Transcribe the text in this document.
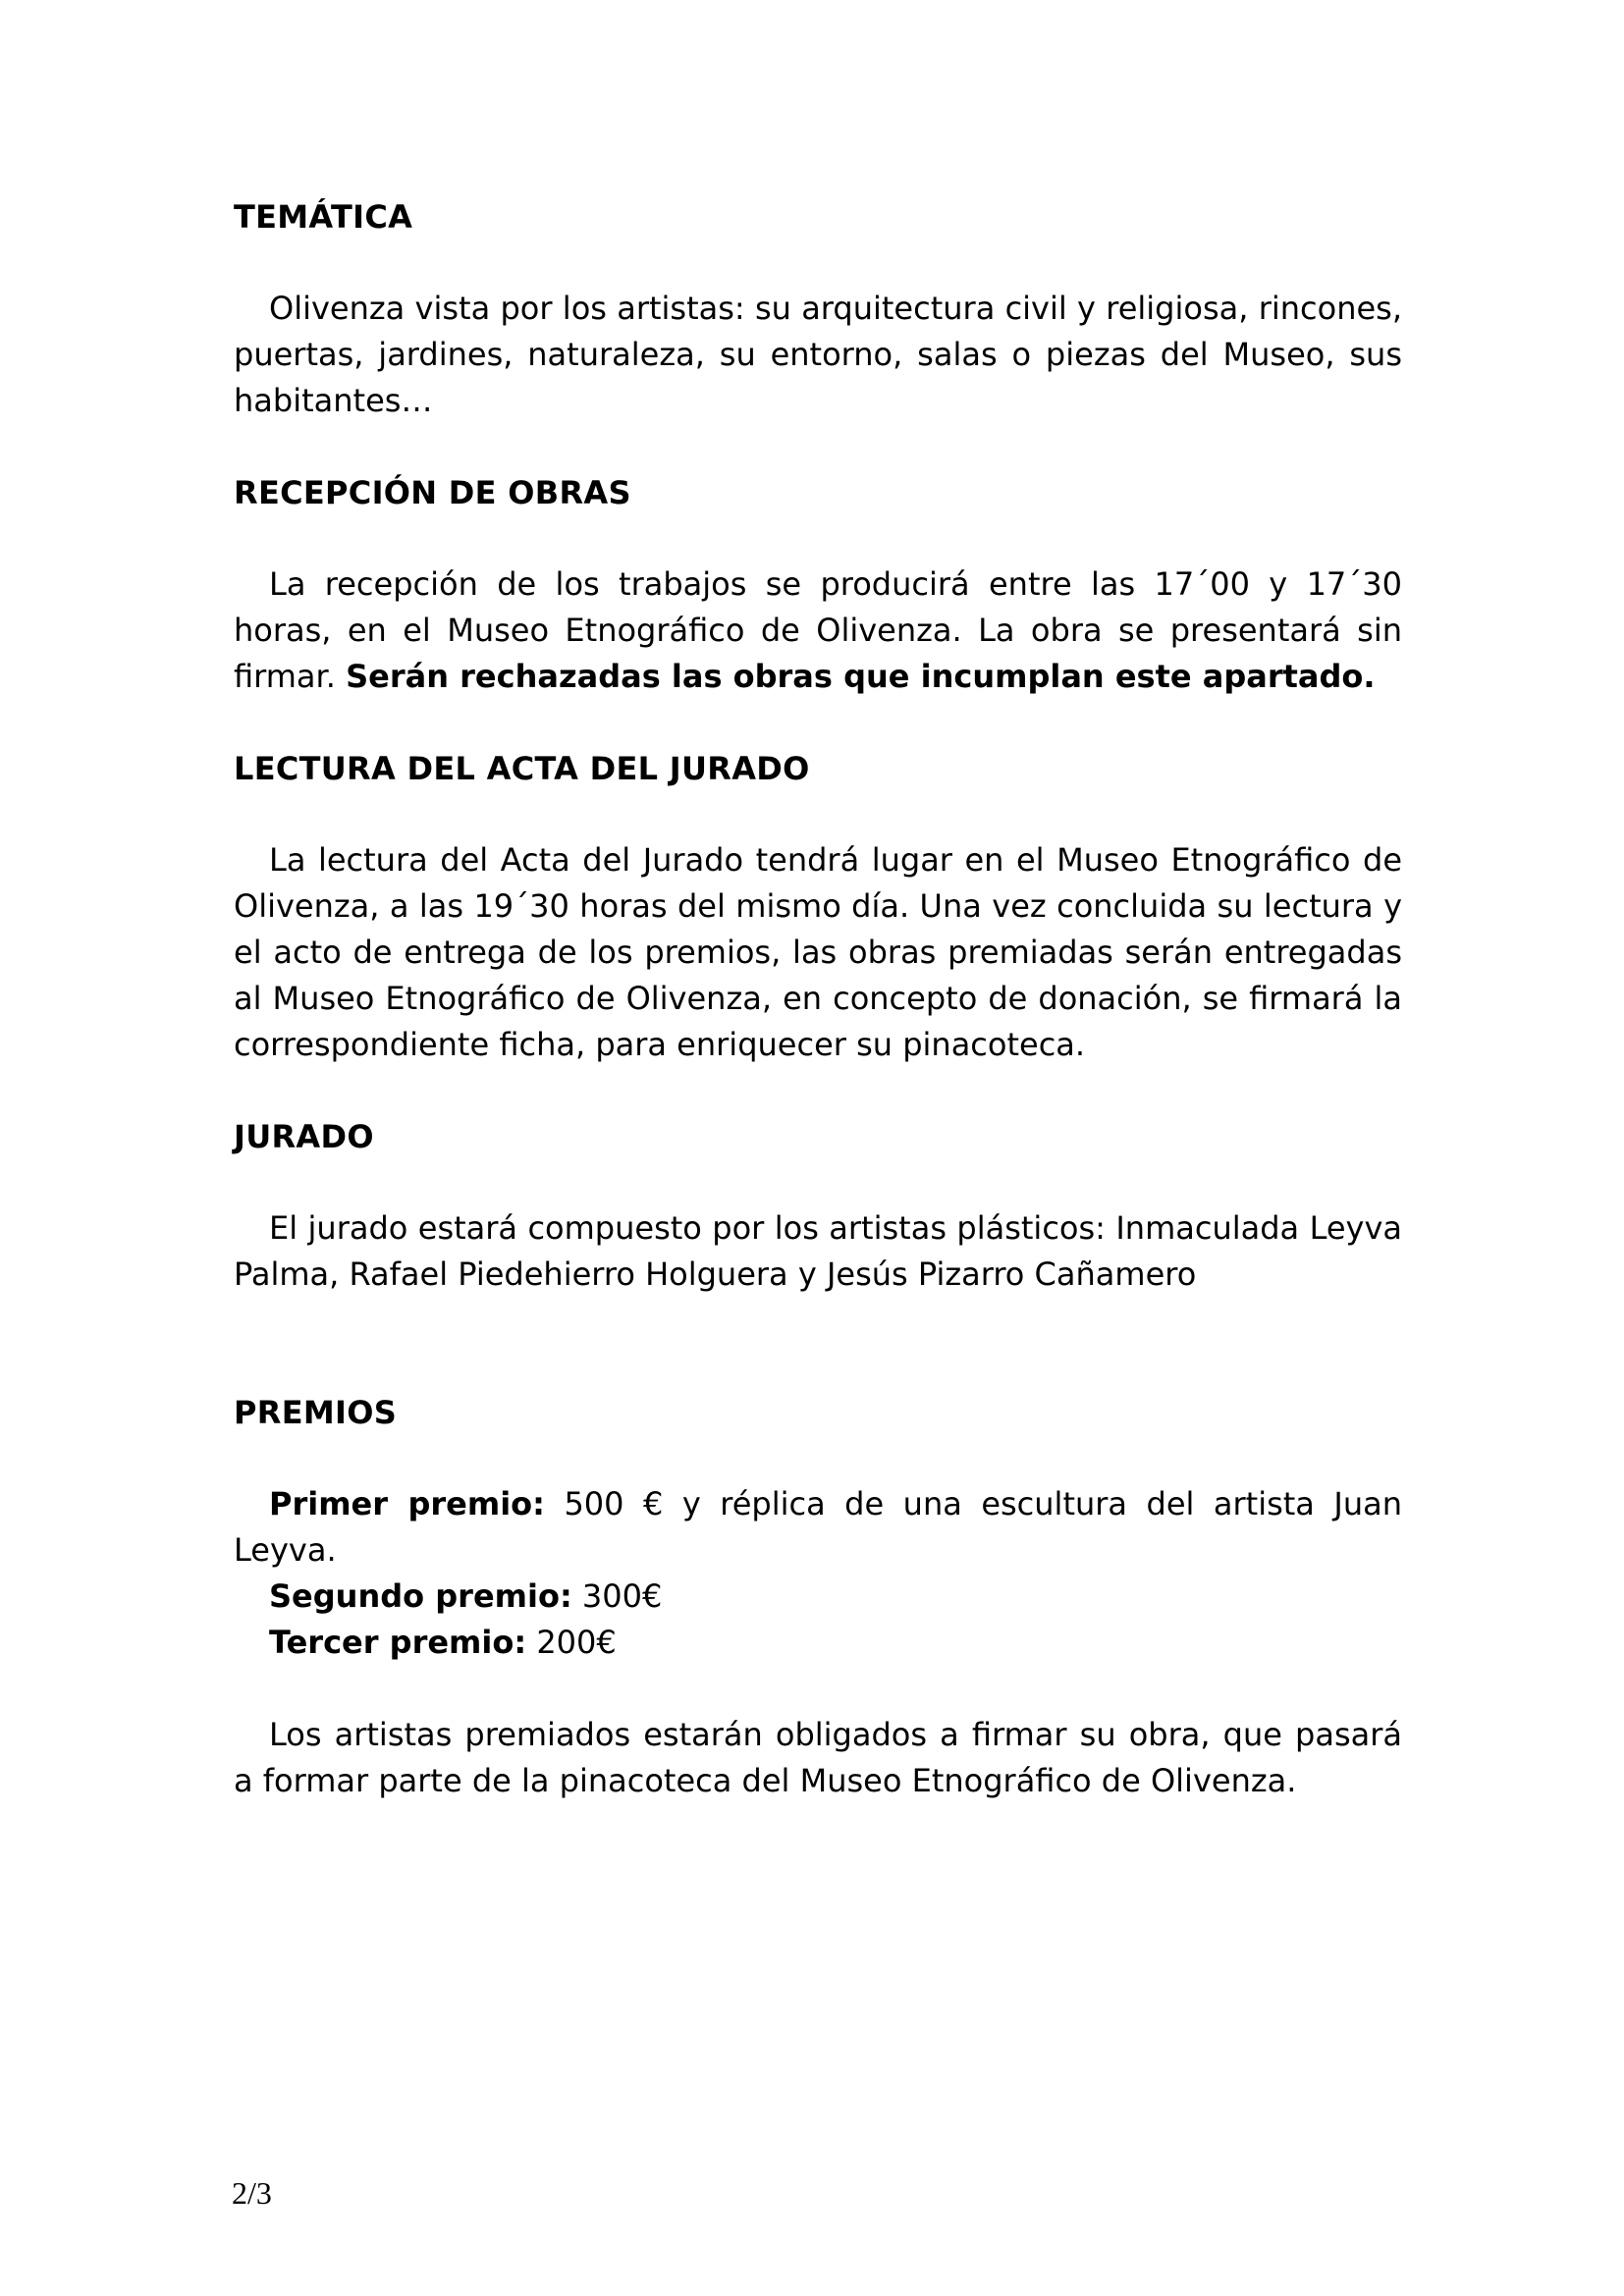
TEMÁTICA

Olivenza vista por los artistas: su arquitectura civil y religiosa, rincones, puertas, jardines, naturaleza, su entorno, salas o piezas del Museo, sus habitantes…

RECEPCIÓN DE OBRAS

La recepción de los trabajos se producirá entre las 17´00 y 17´30 horas, en el Museo Etnográfico de Olivenza. La obra se presentará sin firmar. Serán rechazadas las obras que incumplan este apartado.

LECTURA DEL ACTA DEL JURADO

La lectura del Acta del Jurado tendrá lugar en el Museo Etnográfico de Olivenza, a las 19´30 horas del mismo día. Una vez concluida su lectura y el acto de entrega de los premios, las obras premiadas serán entregadas al Museo Etnográfico de Olivenza, en concepto de donación, se firmará la correspondiente ficha, para enriquecer su pinacoteca.

JURADO

El jurado estará compuesto por los artistas plásticos: Inmaculada Leyva Palma, Rafael Piedehierro Holguera y Jesús Pizarro Cañamero

PREMIOS

Primer premio: 500 € y réplica de una escultura del artista Juan Leyva.

Segundo premio: 300€

Tercer premio: 200€

Los artistas premiados estarán obligados a firmar su obra, que pasará a formar parte de la pinacoteca del Museo Etnográfico de Olivenza.

2/3
